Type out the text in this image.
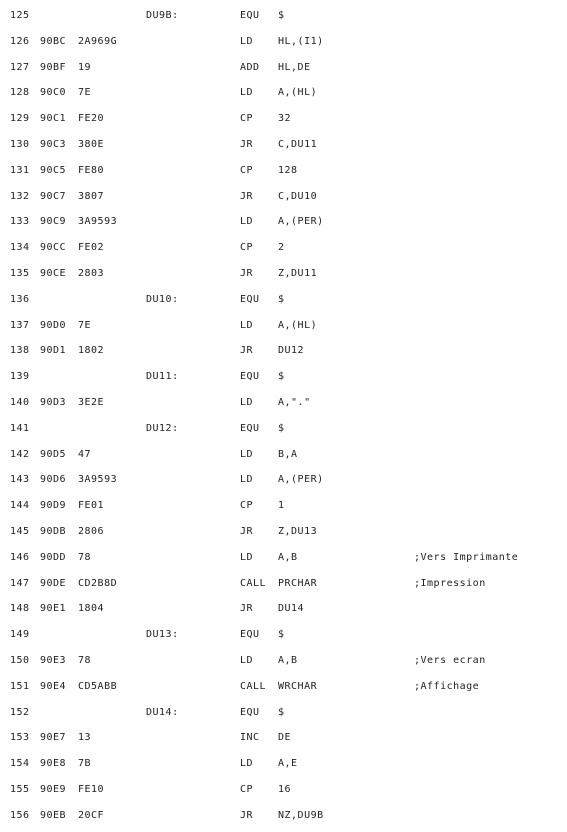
125	DU9B:	EQU $
126 90BC 2A969G	LD HL,(I1)
127 90BF 19	ADD HL,DE
128 90C0 7E	LD A,(HL)
129 90C1 FE20	CP 32
130 90C3 380E	JR C,DU11
131 90C5 FE80	CP 128
132 90C7 3807	JR C,DU10
133 90C9 3A9593	LD A,(PER)
134 90CC FE02	CP 2
135 90CE 2803	JR Z,DU11
136	DU10:	EQU $
137 90D0 7E	LD A,(HL)
138 90D1 1802	JR DU12
139	DU11:	EQU $
140 90D3 3E2E	LD A,"."
141	DU12:	EQU $
142 90D5 47	LD B,A
143 90D6 3A9593	LD A,(PER)
144 90D9 FE01	CP 1
145 90DB 2806	JR Z,DU13
146 90DD 78	LD A,B	;Vers Imprimante
147 90DE CD2B8D	CALL PRCHAR	;Impression
148 90E1 1804	JR DU14
149	DU13:	EQU $
150 90E3 78	LD A,B	;Vers ecran
151 90E4 CD5ABB	CALL WRCHAR	;Affichage
152	DU14:	EQU $
153 90E7 13	INC DE
154 90E8 7B	LD A,E
155 90E9 FE10	CP 16
156 90EB 20CF	JR NZ,DU9B
